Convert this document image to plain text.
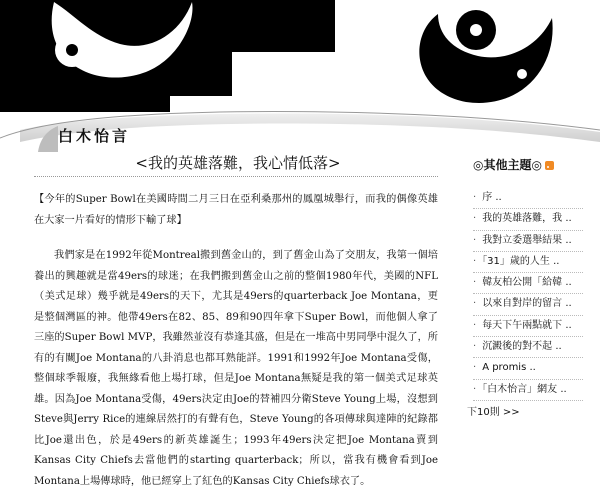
白木怡言
<我的英雄落難，我心情低落>

【今年的Super Bowl在美國時間二月三日在亞利桑那州的鳳凰城舉行，而我的偶像英雄在大家一片看好的情形下輸了球】

我們家是在1992年從Montreal搬到舊金山的，到了舊金山為了交朋友，我第一個培養出的興趣就是當49ers的球迷；在我們搬到舊金山之前的整個1980年代，美國的NFL（美式足球）幾乎就是49ers的天下，尤其是49ers的quarterback Joe Montana，更是整個灣區的神。他帶49ers在82、85、89和90四年拿下Super Bowl，而他個人拿了三座的Super Bowl MVP，我雖然並沒有恭逢其盛，但是在一堆高中男同學中混久了，所有的有關Joe Montana的八卦消息也都耳熟能詳。1991和1992年Joe Montana受傷，整個球季報廢，我無緣看他上場打球，但是Joe Montana無疑是我的第一個美式足球英雄。因為Joe Montana受傷，49ers決定由Joe的替補四分衛Steve Young上場，沒想到Steve與Jerry Rice的連線居然打的有聲有色，Steve Young的各項傳球與達陣的紀錄都比Joe還出色，於是49ers的新英雄誕生；1993年49ers決定把Joe Montana賣到Kansas City Chiefs去當他們的starting quarterback；所以，當我有機會看到Joe Montana上場傳球時，他已經穿上了紅色的Kansas City Chiefs球衣了。

◎其他主題◎
· 序 ..
· 我的英雄落難，我 ..
· 我對立委選舉結果 ..
· 「31」歲的人生 ..
· 韓友柏公開「給韓 ..
· 以來自對岸的留言 ..
· 每天下午兩點就下 ..
· 沉澱後的對不起 ..
· A promis ..
· 「白木怡言」網友 ..
下10則 >>
